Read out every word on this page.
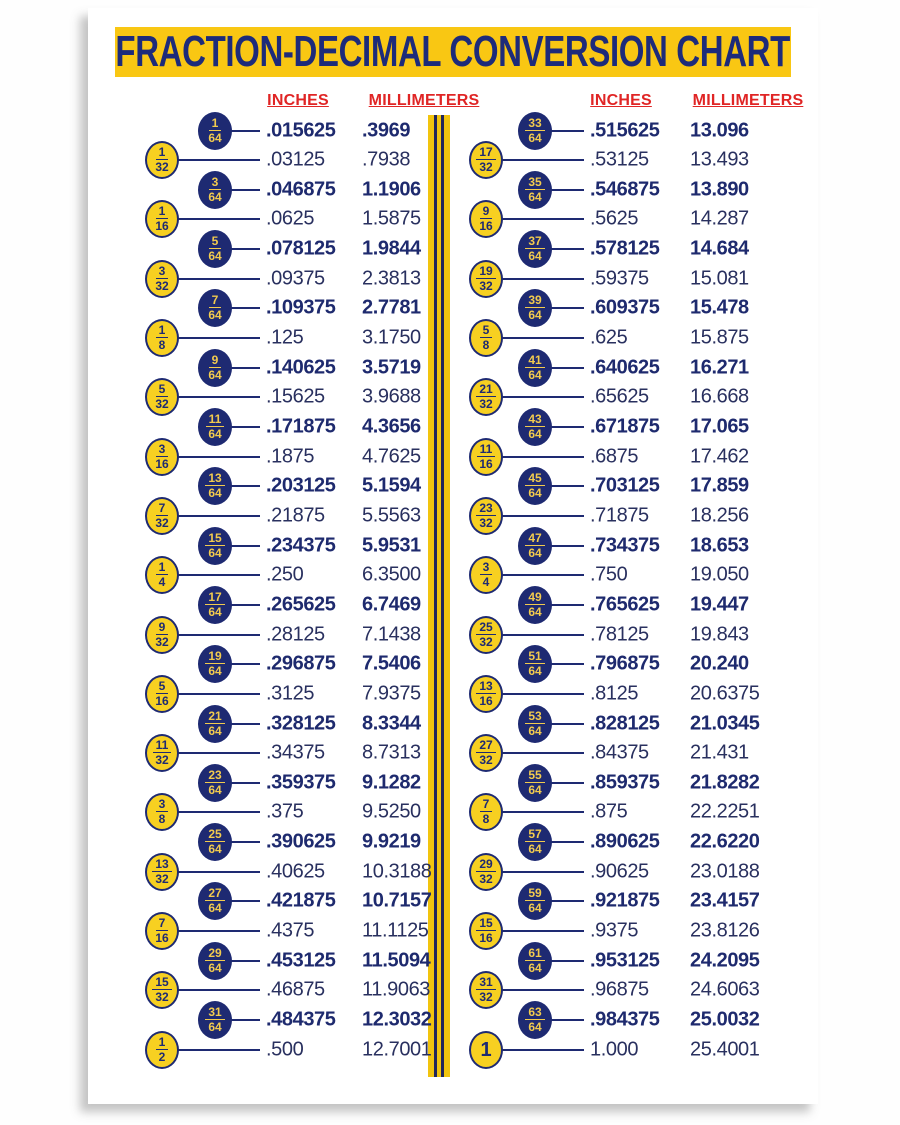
FRACTION-DECIMAL CONVERSION CHART
INCHES MILLIMETERS	INCHES	MILLIMETERS
$\frac{1}{64} .015625$ .3969
$\frac{1}{32}$	.03125 .7938
$\frac{3}{64} .046875$ 1.1906
$\frac{1}{16}$	.0625 1.5875
$\frac{5}{64} .078125$ 1.9844
$\frac{3}{32}$	.09375 2.3813
$\frac{7}{64} .109375$ 2.7781
$\frac{1}{8}$	.125	3.1750
$\frac{9}{64} .140625$ 3.5719
$\frac{5}{32}$	.15625 3.9688
$\frac{11}{64} .171875$ 4.3656
$\frac{3}{16}$	.1875 4.7625
$\frac{13}{64} .203125$ 5.1594
$\frac{7}{32}$	.21875 5.5563
$\frac{15}{64} .234375$ 5.9531
$\frac{1}{4}$	.250	6.3500
$\frac{17}{64} .265625$ 6.7469
$\frac{9}{32}$	.28125 7.1438
$\frac{19}{64} .296875$ 7.5406
$\frac{5}{16}$	.3125 7.9375
$\frac{21}{64} .328125$ 8.3344
$\frac{11}{32}$	.34375 8.7313
$\frac{23}{64} .359375$ 9.1282
$\frac{3}{8}$	.375	9.5250
$\frac{25}{64} .390625$ 9.9219
$\frac{13}{32}$	.40625 10.3188
$\frac{27}{64} .421875$ 10.7157
$\frac{7}{16}$	.4375 11.1125
$\frac{29}{64} .453125$ 11.5094
$\frac{15}{32}$	.46875 11.9063
$\frac{31}{64} .484375$ 12.3032
$\frac{1}{2}$	.500	12.7001
$\frac{33}{64} .515625$ 13.096
$\frac{17}{32}$	.53125 13.493
$\frac{35}{64} .546875$ 13.890
$\frac{9}{16}$	.5625	14.287
$\frac{37}{64} .578125$ 14.684
$\frac{19}{32}$	.59375 15.081
$\frac{39}{64} .609375$ 15.478
$\frac{5}{8}$	.625	15.875
$\frac{41}{64} .640625$ 16.271
$\frac{21}{32}$	.65625 16.668
$\frac{43}{64} .671875$ 17.065
$\frac{11}{16}$	.6875	17.462
$\frac{45}{64} .703125$ 17.859
$\frac{23}{32}$	.71875 18.256
$\frac{47}{64} .734375$ 18.653
$\frac{3}{4}$	.750	19.050
$\frac{49}{64} .765625$ 19.447
$\frac{25}{32}$	.78125 19.843
$\frac{51}{64} .796875$ 20.240
$\frac{13}{16}$	.8125	20.6375
$\frac{53}{64} .828125$ 21.0345
$\frac{27}{32}$	.84375 21.431
$\frac{55}{64} .859375$ 21.8282
$\frac{7}{8}$	.875	22.2251
$\frac{57}{64} .890625$ 22.6220
$\frac{29}{32}$	.90625 23.0188
$\frac{59}{64} .921875$ 23.4157
$\frac{15}{16}$	.9375	23.8126
$\frac{61}{64} .953125$ 24.2095
$\frac{31}{32}$	.96875 24.6063
$\frac{63}{64} .984375$ 25.0032
1	1.000	25.4001
